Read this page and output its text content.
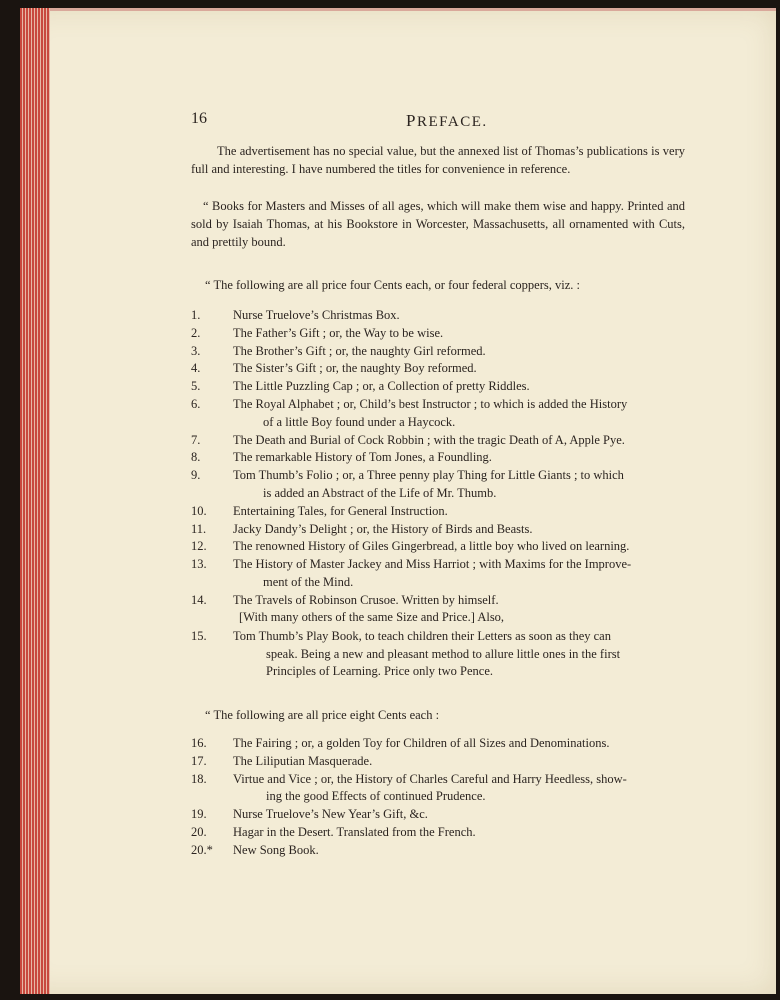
16	PREFACE.
The advertisement has no special value, but the annexed list of Thomas’s publications is very full and interesting. I have numbered the titles for convenience in reference.
“ Books for Masters and Misses of all ages, which will make them wise and happy. Printed and sold by Isaiah Thomas, at his Bookstore in Worcester, Massachusetts, all ornamented with Cuts, and prettily bound.
“ The following are all price four Cents each, or four federal coppers, viz. :
1.	Nurse Truelove’s Christmas Box.
2.	The Father’s Gift ; or, the Way to be wise.
3.	The Brother’s Gift ; or, the naughty Girl reformed.
4.	The Sister’s Gift ; or, the naughty Boy reformed.
5.	The Little Puzzling Cap ; or, a Collection of pretty Riddles.
6.	The Royal Alphabet ; or, Child’s best Instructor ; to which is added the History
of a little Boy found under a Haycock.
7.	The Death and Burial of Cock Robbin ; with the tragic Death of A, Apple Pye.
8.	The remarkable History of Tom Jones, a Foundling.
9.	Tom Thumb’s Folio ; or, a Three penny play Thing for Little Giants ; to which
is added an Abstract of the Life of Mr. Thumb.
10.	Entertaining Tales, for General Instruction.
11.	Jacky Dandy’s Delight ; or, the History of Birds and Beasts.
12.	The renowned History of Giles Gingerbread, a little boy who lived on learning.
13.	The History of Master Jackey and Miss Harriot ; with Maxims for the Improve-
ment of the Mind.
14.	The Travels of Robinson Crusoe. Written by himself.
[With many others of the same Size and Price.] Also,
15.	Tom Thumb’s Play Book, to teach children their Letters as soon as they can
speak. Being a new and pleasant method to allure little ones in the first
Principles of Learning. Price only two Pence.
“ The following are all price eight Cents each :
16.	The Fairing ; or, a golden Toy for Children of all Sizes and Denominations.
17.	The Liliputian Masquerade.
18.	Virtue and Vice ; or, the History of Charles Careful and Harry Heedless, show-
ing the good Effects of continued Prudence.
19.	Nurse Truelove’s New Year’s Gift, &c.
20.	Hagar in the Desert. Translated from the French.
20.*	New Song Book.
